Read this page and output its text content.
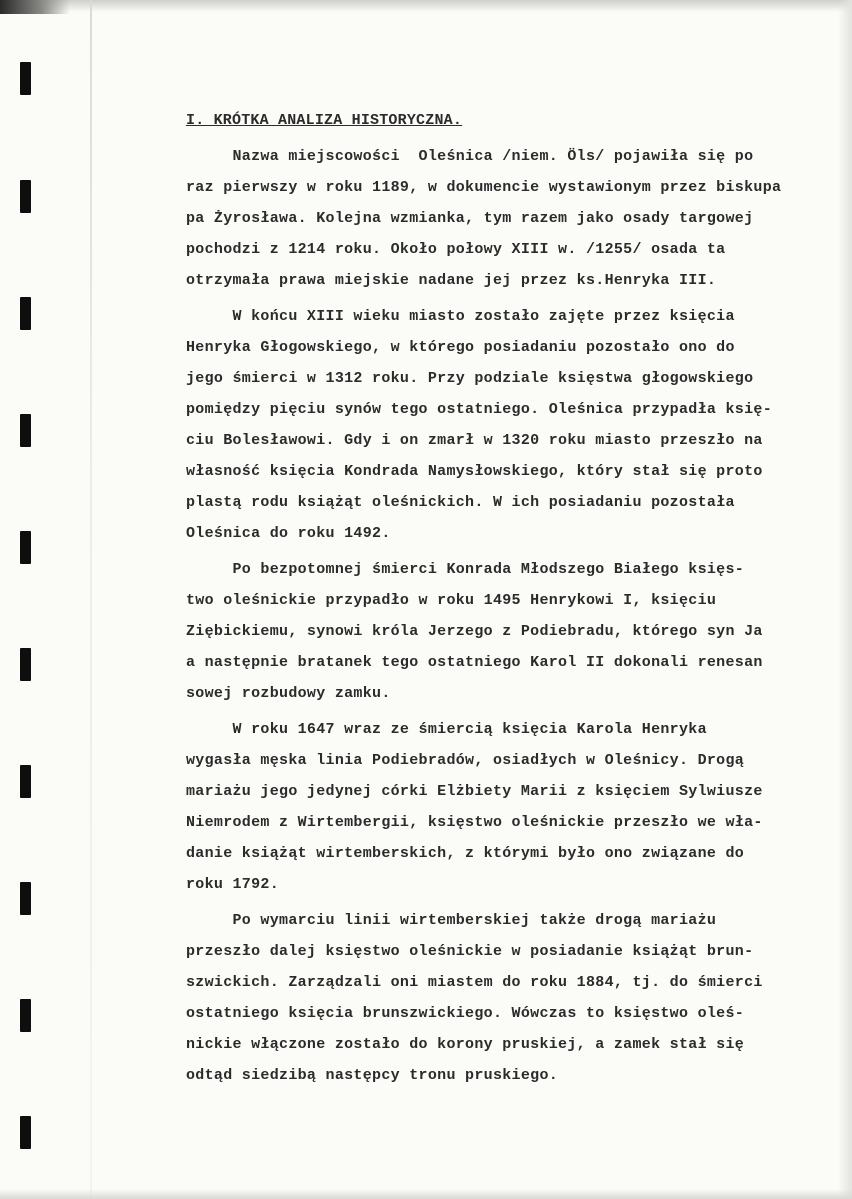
I. KRÓTKA ANALIZA HISTORYCZNA.
Nazwa miejscowości  Oleśnica /niem. Öls/ pojawiła się po
raz pierwszy w roku 1189, w dokumencie wystawionym przez biskupa
pa Żyrosława. Kolejna wzmianka, tym razem jako osady targowej
pochodzi z 1214 roku. Około połowy XIII w. /1255/ osada ta
otrzymała prawa miejskie nadane jej przez ks.Henryka III.
W końcu XIII wieku miasto zostało zajęte przez księcia
Henryka Głogowskiego, w którego posiadaniu pozostało ono do
jego śmierci w 1312 roku. Przy podziale księstwa głogowskiego
pomiędzy pięciu synów tego ostatniego. Oleśnica przypadła księ-
ciu Bolesławowi. Gdy i on zmarł w 1320 roku miasto przeszło na
własność księcia Kondrada Namysłowskiego, który stał się proto
plastą rodu książąt oleśnickich. W ich posiadaniu pozostała
Oleśnica do roku 1492.
Po bezpotomnej śmierci Konrada Młodszego Białego księs-
two oleśnickie przypadło w roku 1495 Henrykowi I, księciu
Ziębickiemu, synowi króla Jerzego z Podiebradu, którego syn Ja
a następnie bratanek tego ostatniego Karol II dokonali renesan
sowej rozbudowy zamku.
W roku 1647 wraz ze śmiercią księcia Karola Henryka
wygasła męska linia Podiebradów, osiadłych w Oleśnicy. Drogą
mariażu jego jedynej córki Elżbiety Marii z księciem Sylwiusze
Niemrodem z Wirtembergii, księstwo oleśnickie przeszło we wła-
danie książąt wirtemberskich, z którymi było ono związane do
roku 1792.
Po wymarciu linii wirtemberskiej także drogą mariażu
przeszło dalej księstwo oleśnickie w posiadanie książąt brun-
szwickich. Zarządzali oni miastem do roku 1884, tj. do śmierci
ostatniego księcia brunszwickiego. Wówczas to księstwo oleś-
nickie włączone zostało do korony pruskiej, a zamek stał się
odtąd siedzibą następcy tronu pruskiego.
